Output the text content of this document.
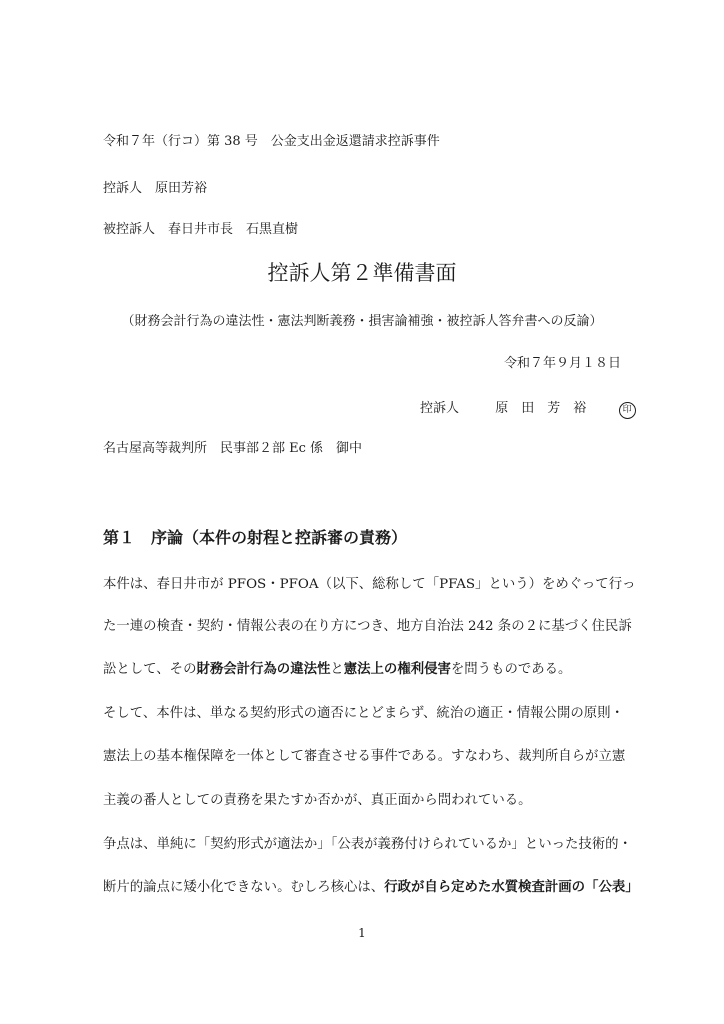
令和７年（行コ）第 38 号　公金支出金返還請求控訴事件
控訴人　原田芳裕
被控訴人　春日井市長　石黒直樹
控訴人第２準備書面
（財務会計行為の違法性・憲法判断義務・損害論補強・被控訴人答弁書への反論）
令和７年９月１８日
控訴人	原　田　芳　裕	印
名古屋高等裁判所　民事部２部 Ec 係　御中
第１　序論（本件の射程と控訴審の責務）
本件は、春日井市が PFOS・PFOA（以下、総称して「PFAS」という）をめぐって行っ
た一連の検査・契約・情報公表の在り方につき、地方自治法 242 条の２に基づく住民訴
訟として、その財務会計行為の違法性と憲法上の権利侵害を問うものである。
そして、本件は、単なる契約形式の適否にとどまらず、統治の適正・情報公開の原則・
憲法上の基本権保障を一体として審査させる事件である。すなわち、裁判所自らが立憲
主義の番人としての責務を果たすか否かが、真正面から問われている。
争点は、単純に「契約形式が適法か」「公表が義務付けられているか」といった技術的・
断片的論点に矮小化できない。むしろ核心は、行政が自ら定めた水質検査計画の「公表」
1
